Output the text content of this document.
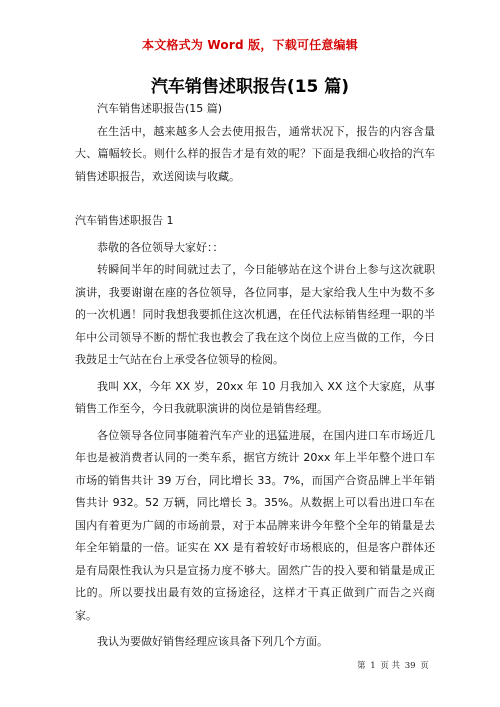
本文格式为 Word 版，下载可任意编辑
汽车销售述职报告(15 篇)

汽车销售述职报告(15 篇)

在生活中，越来越多人会去使用报告，通常状况下，报告的内容含量大、篇幅较长。则什么样的报告才是有效的呢？下面是我细心收拾的汽车销售述职报告，欢送阅读与收藏。

汽车销售述职报告 1

恭敬的各位领导大家好：：

转瞬间半年的时间就过去了，今日能够站在这个讲台上参与这次就职演讲，我要谢谢在座的各位领导，各位同事，是大家给我人生中为数不多的一次机遇！同时我想我要抓住这次机遇，在任代法标销售经理一职的半年中公司领导不断的帮忙我也教会了我在这个岗位上应当做的工作，今日我鼓足士气站在台上承受各位领导的检阅。

我叫 XX，今年 XX 岁，20xx 年 10 月我加入 XX 这个大家庭，从事销售工作至今，今日我就职演讲的岗位是销售经理。

各位领导各位同事随着汽车产业的迅猛进展，在国内进口车市场近几年也是被消费者认同的一类车系，据官方统计 20xx 年上半年整个进口车市场的销售共计 39 万台，同比增长 33。7%，而国产合资品牌上半年销售共计 932。52 万辆，同比增长 3。35%。从数据上可以看出进口车在国内有着更为广阔的市场前景，对于本品牌来讲今年整个全年的销量是去年全年销量的一倍。证实在 XX 是有着较好市场根底的，但是客户群体还是有局限性我认为只是宣扬力度不够大。固然广告的投入要和销量是成正比的。所以要找出最有效的宣扬途径，这样才干真正做到广而告之兴商家。

我认为要做好销售经理应该具备下列几个方面。

第 1 页 共 39 页
